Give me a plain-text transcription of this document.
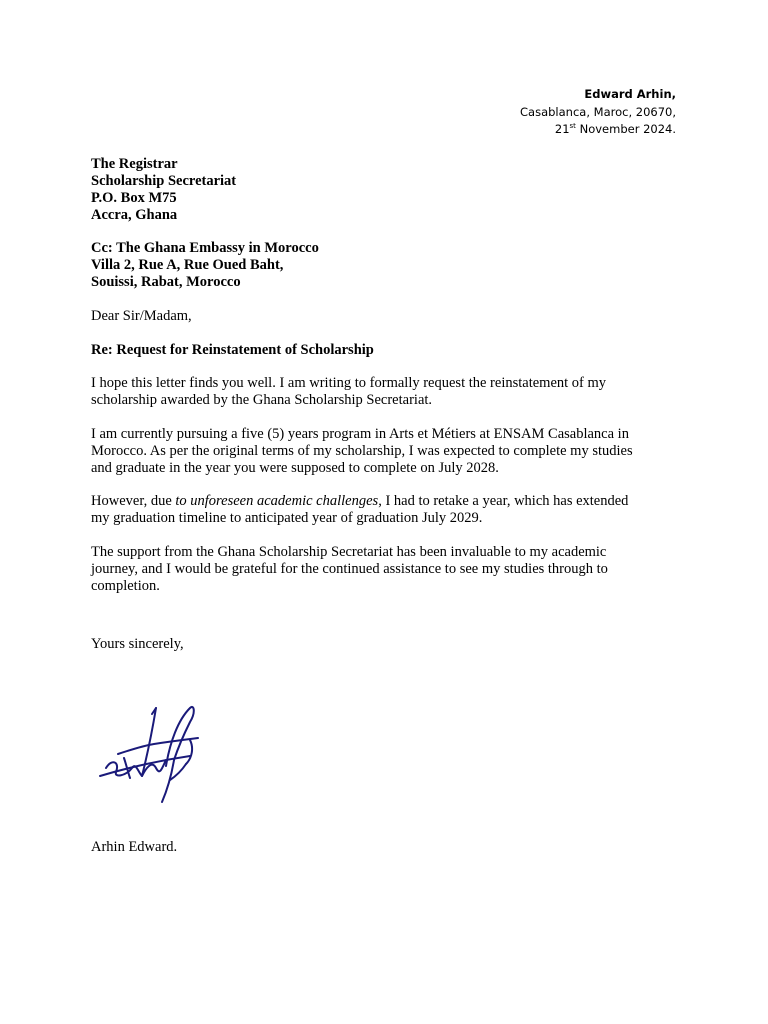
Edward Arhin,
Casablanca, Maroc, 20670,
21st November 2024.
The Registrar
Scholarship Secretariat
P.O. Box M75
Accra, Ghana
Cc: The Ghana Embassy in Morocco
Villa 2, Rue A, Rue Oued Baht,
Souissi, Rabat, Morocco
Dear Sir/Madam,
Re: Request for Reinstatement of Scholarship
I hope this letter finds you well. I am writing to formally request the reinstatement of my
scholarship awarded by the Ghana Scholarship Secretariat.
I am currently pursuing a five (5) years program in Arts et Métiers at ENSAM Casablanca in
Morocco. As per the original terms of my scholarship, I was expected to complete my studies
and graduate in the year you were supposed to complete on July 2028.
However, due to unforeseen academic challenges, I had to retake a year, which has extended
my graduation timeline to anticipated year of graduation July 2029.
The support from the Ghana Scholarship Secretariat has been invaluable to my academic
journey, and I would be grateful for the continued assistance to see my studies through to
completion.
Yours sincerely,
Arhin Edward.
